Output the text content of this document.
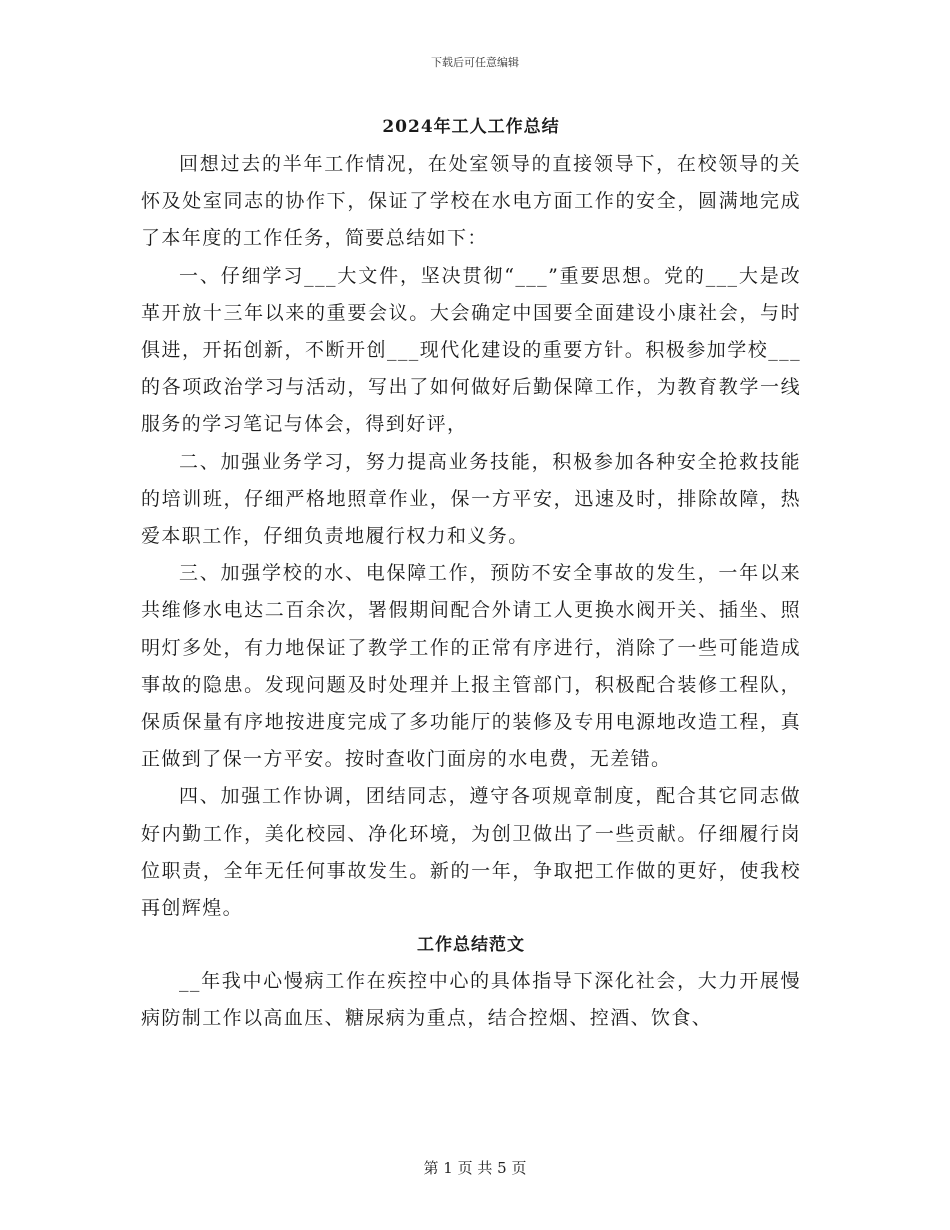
下载后可任意编辑
2024年工人工作总结

回想过去的半年工作情况，在处室领导的直接领导下，在校领导的关怀及处室同志的协作下，保证了学校在水电方面工作的安全，圆满地完成了本年度的工作任务，简要总结如下：

一、仔细学习___大文件，坚决贯彻“___”重要思想。党的___大是改革开放十三年以来的重要会议。大会确定中国要全面建设小康社会，与时俱进，开拓创新，不断开创___现代化建设的重要方针。积极参加学校___的各项政治学习与活动，写出了如何做好后勤保障工作，为教育教学一线服务的学习笔记与体会，得到好评，

二、加强业务学习，努力提高业务技能，积极参加各种安全抢救技能的培训班，仔细严格地照章作业，保一方平安，迅速及时，排除故障，热爱本职工作，仔细负责地履行权力和义务。

三、加强学校的水、电保障工作，预防不安全事故的发生，一年以来共维修水电达二百余次，署假期间配合外请工人更换水阀开关、插坐、照明灯多处，有力地保证了教学工作的正常有序进行，消除了一些可能造成事故的隐患。发现问题及时处理并上报主管部门，积极配合装修工程队，保质保量有序地按进度完成了多功能厅的装修及专用电源地改造工程，真正做到了保一方平安。按时查收门面房的水电费，无差错。

四、加强工作协调，团结同志，遵守各项规章制度，配合其它同志做好内勤工作，美化校园、净化环境，为创卫做出了一些贡献。仔细履行岗位职责，全年无任何事故发生。新的一年，争取把工作做的更好，使我校再创辉煌。

工作总结范文

__年我中心慢病工作在疾控中心的具体指导下深化社会，大力开展慢病防制工作以高血压、糖尿病为重点，结合控烟、控酒、饮食、

第 1 页 共 5 页
